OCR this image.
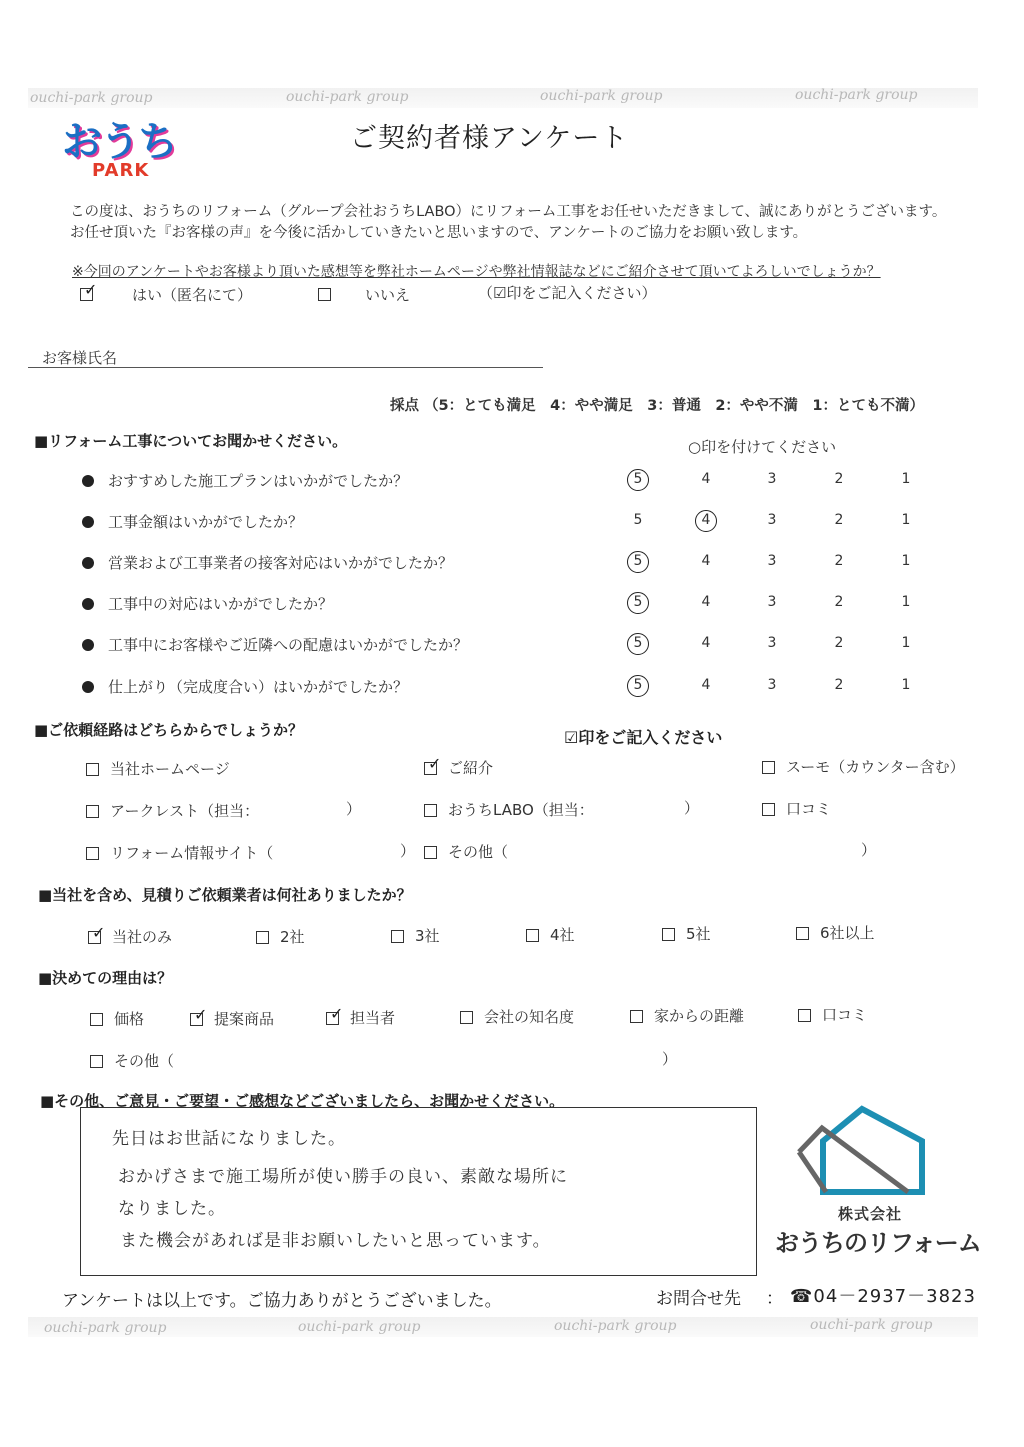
ouchi-park group	ouchi-park group	ouchi-park group	ouchi-park group
おうち
PARK
ご契約者様アンケート
この度は、おうちのリフォーム（グループ会社おうちLABO）にリフォーム工事をお任せいただきまして、誠にありがとうございます。
お任せ頂いた『お客様の声』を今後に活かしていきたいと思いますので、アンケートのご協力をお願い致します。
※今回のアンケートやお客様より頂いた感想等を弊社ホームページや弊社情報誌などにご紹介させて頂いてよろしいでしょうか？
✓ はい（匿名にて）	いいえ	（☑印をご記入ください）
お客様氏名
採点 （5：とても満足　4：やや満足　3：普通　2：やや不満　1：とても不満）
■リフォーム工事についてお聞かせください。	○印を付けてください
おすすめした施工プランはいかがでしたか？	5	4	3	2	1
工事金額はいかがでしたか？	5	4	3	2	1
営業および工事業者の接客対応はいかがでしたか？	5	4	3	2	1
工事中の対応はいかがでしたか？	5	4	3	2	1
工事中にお客様やご近隣への配慮はいかがでしたか？	5	4	3	2	1
仕上がり（完成度合い）はいかがでしたか？	5	4	3	2	1
■ご依頼経路はどちらからでしょうか？	☑印をご記入ください
当社ホームページ	✓ ご紹介	スーモ（カウンター含む）
アークレスト（担当：	）	おうちLABO（担当：	）	口コミ
リフォーム情報サイト（	） その他（	）
■当社を含め、見積りご依頼業者は何社ありましたか？
✓ 当社のみ	2社	3社	4社	5社	6社以上
■決めての理由は？
価格	✓ 提案商品	✓ 担当者	会社の知名度	家からの距離	口コミ
その他（	）
■その他、ご意見・ご要望・ご感想などございましたら、お聞かせください。
先日はお世話になりました。
おかげさまで施工場所が使い勝手の良い、素敵な場所に
なりました。
また機会があれば是非お願いしたいと思っています。
株式会社
おうちのリフォーム
アンケートは以上です。ご協力ありがとうございました。	お問合せ先 ： ☎04－2937－3823
ouchi-park group	ouchi-park group	ouchi-park group	ouchi-park group
